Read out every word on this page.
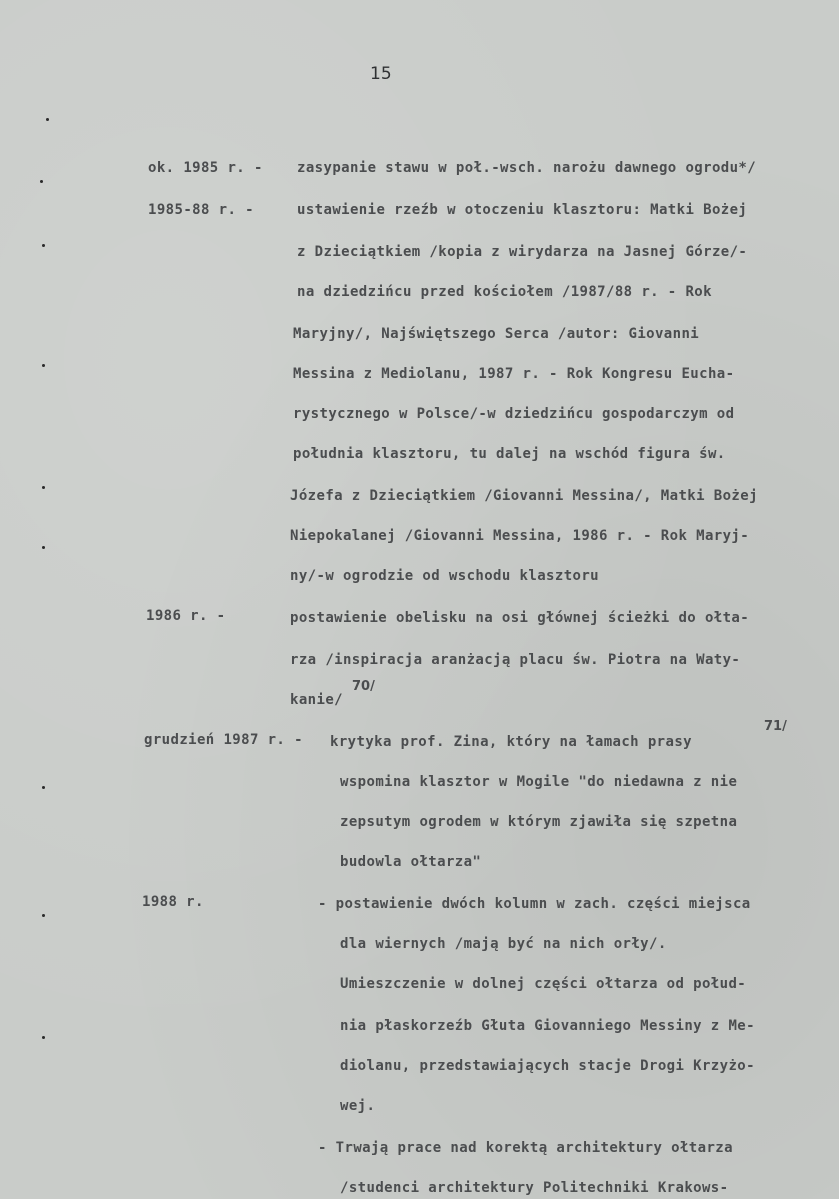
15
ok. 1985 r. - zasypanie stawu w poł.-wsch. narożu dawnego ogrodu*/
1985-88 r. -	ustawienie rzeźb w otoczeniu klasztoru: Matki Bożej
z Dzieciątkiem /kopia z wirydarza na Jasnej Górze/-
na dziedzińcu przed kościołem /1987/88 r. - Rok
Maryjny/, Najświętszego Serca /autor: Giovanni
Messina z Mediolanu, 1987 r. - Rok Kongresu Eucha-
rystycznego w Polsce/-w dziedzińcu gospodarczym od
południa klasztoru, tu dalej na wschód figura św.
Józefa z Dzieciątkiem /Giovanni Messina/, Matki Bożej
Niepokalanej /Giovanni Messina, 1986 r. - Rok Maryj-
ny/-w ogrodzie od wschodu klasztoru
1986 r. -	postawienie obelisku na osi głównej ścieżki do ołta-
rza /inspiracja aranżacją placu św. Piotra na Waty-
kanie/
70/
grudzień 1987 r. - krytyka prof. Zina, który na łamach prasy
71/
wspomina klasztor w Mogile "do niedawna z nie
zepsutym ogrodem w którym zjawiła się szpetna
budowla ołtarza"
1988 r.	- postawienie dwóch kolumn w zach. części miejsca
dla wiernych /mają być na nich orły/.
Umieszczenie w dolnej części ołtarza od połud-
nia płaskorzeźb Głuta Giovanniego Messiny z Me-
diolanu, przedstawiających stacje Drogi Krzyżo-
wej.
- Trwają prace nad korektą architektury ołtarza
/studenci architektury Politechniki Krakows-
